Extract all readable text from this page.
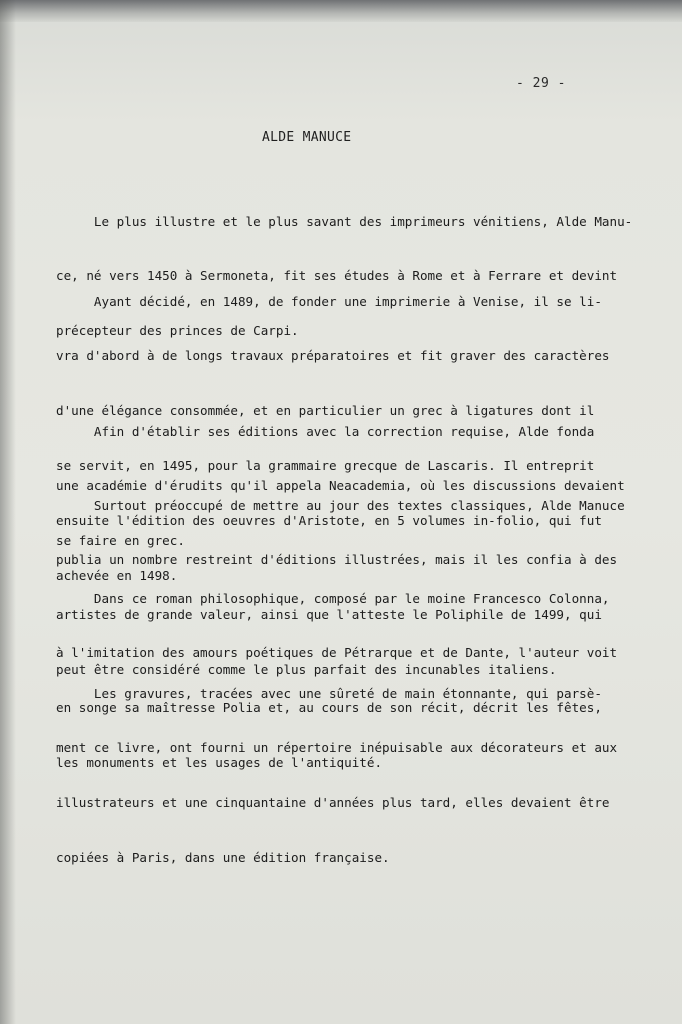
- 29 -
ALDE MANUCE

Le plus illustre et le plus savant des imprimeurs vénitiens, Alde Manu-

ce, né vers 1450 à Sermoneta, fit ses études à Rome et à Ferrare et devint

précepteur des princes de Carpi.

Ayant décidé, en 1489, de fonder une imprimerie à Venise, il se li-

vra d'abord à de longs travaux préparatoires et fit graver des caractères

d'une élégance consommée, et en particulier un grec à ligatures dont il

se servit, en 1495, pour la grammaire grecque de Lascaris. Il entreprit

ensuite l'édition des oeuvres d'Aristote, en 5 volumes in-folio, qui fut

achevée en 1498.

Afin d'établir ses éditions avec la correction requise, Alde fonda

une académie d'érudits qu'il appela Neacademia, où les discussions devaient

se faire en grec.

Surtout préoccupé de mettre au jour des textes classiques, Alde Manuce

publia un nombre restreint d'éditions illustrées, mais il les confia à des

artistes de grande valeur, ainsi que l'atteste le Poliphile de 1499, qui

peut être considéré comme le plus parfait des incunables italiens.

Dans ce roman philosophique, composé par le moine Francesco Colonna,

à l'imitation des amours poétiques de Pétrarque et de Dante, l'auteur voit

en songe sa maîtresse Polia et, au cours de son récit, décrit les fêtes,

les monuments et les usages de l'antiquité.

Les gravures, tracées avec une sûreté de main étonnante, qui parsè-

ment ce livre, ont fourni un répertoire inépuisable aux décorateurs et aux

illustrateurs et une cinquantaine d'années plus tard, elles devaient être

copiées à Paris, dans une édition française.
